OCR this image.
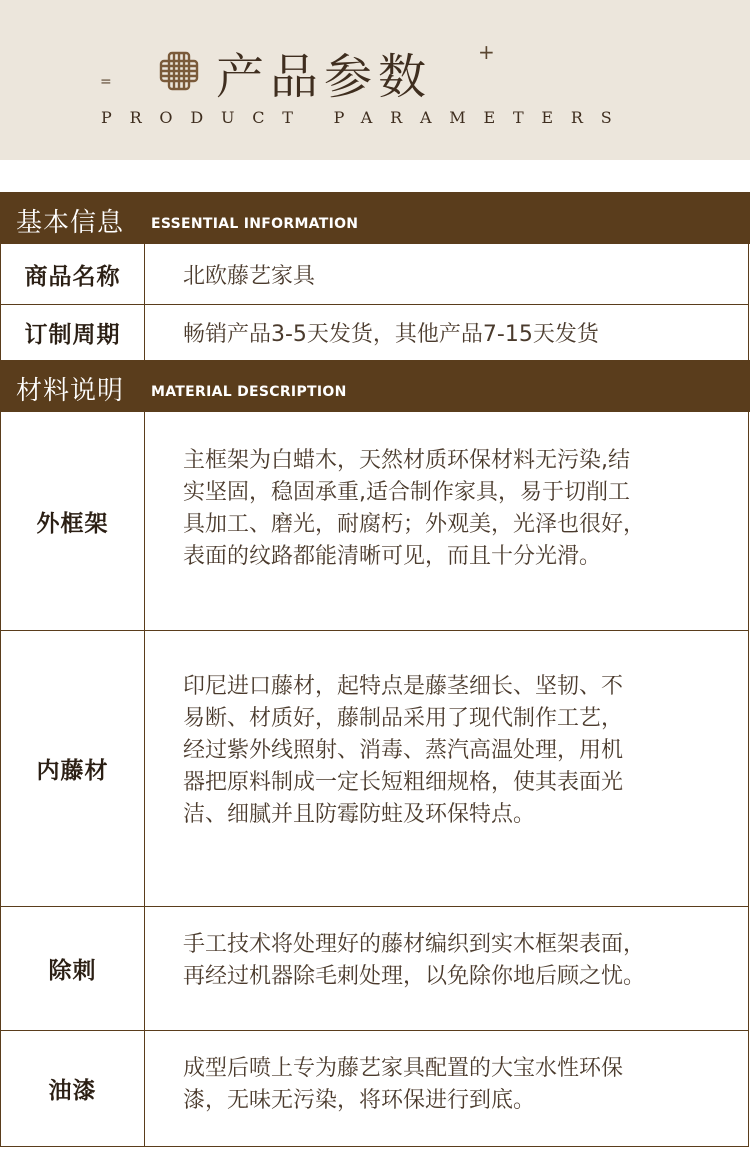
= 产品参数 +
PRODUCT PARAMETERS
基本信息 ESSENTIAL INFORMATION
商品名称	北欧藤艺家具
订制周期	畅销产品3-5天发货，其他产品7-15天发货
材料说明 MATERIAL DESCRIPTION
外框架
主框架为白蜡木，天然材质环保材料无污染,结
实坚固，稳固承重,适合制作家具，易于切削工
具加工、磨光，耐腐朽；外观美，光泽也很好，
表面的纹路都能清晰可见，而且十分光滑。
内藤材
印尼进口藤材，起特点是藤茎细长、坚韧、不
易断、材质好，藤制品采用了现代制作工艺，
经过紫外线照射、消毒、蒸汽高温处理，用机
器把原料制成一定长短粗细规格，使其表面光
洁、细腻并且防霉防蛀及环保特点。
除刺
手工技术将处理好的藤材编织到实木框架表面，
再经过机器除毛刺处理，以免除你地后顾之忧。
油漆
成型后喷上专为藤艺家具配置的大宝水性环保
漆，无味无污染，将环保进行到底。
